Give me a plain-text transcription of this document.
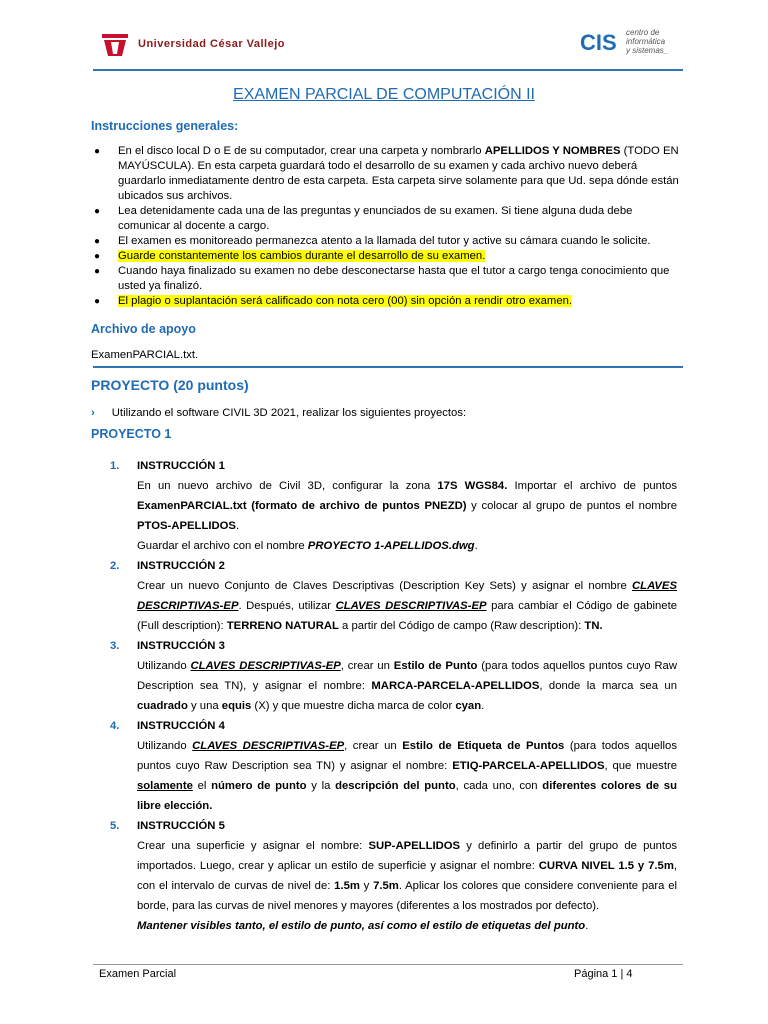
Universidad César Vallejo	CIS centro de
informática
y sistemas_
EXAMEN PARCIAL DE COMPUTACIÓN II
Instrucciones generales:
● En el disco local D o E de su computador, crear una carpeta y nombrarlo APELLIDOS Y NOMBRES (TODO EN MAYÚSCULA). En esta carpeta guardará todo el desarrollo de su examen y cada archivo nuevo deberá guardarlo inmediatamente dentro de esta carpeta. Esta carpeta sirve solamente para que Ud. sepa dónde están ubicados sus archivos.
● Lea detenidamente cada una de las preguntas y enunciados de su examen. Si tiene alguna duda debe comunicar al docente a cargo.
● El examen es monitoreado permanezca atento a la llamada del tutor y active su cámara cuando le solicite.
● Guarde constantemente los cambios durante el desarrollo de su examen.
● Cuando haya finalizado su examen no debe desconectarse hasta que el tutor a cargo tenga conocimiento que usted ya finalizó.
● El plagio o suplantación será calificado con nota cero (00) sin opción a rendir otro examen.
Archivo de apoyo
ExamenPARCIAL.txt.
PROYECTO (20 puntos)
› Utilizando el software CIVIL 3D 2021, realizar los siguientes proyectos:
PROYECTO 1
1. INSTRUCCIÓN 1

En un nuevo archivo de Civil 3D, configurar la zona 17S WGS84. Importar el archivo de puntos ExamenPARCIAL.txt (formato de archivo de puntos PNEZD) y colocar al grupo de puntos el nombre PTOS-APELLIDOS.

Guardar el archivo con el nombre PROYECTO 1-APELLIDOS.dwg.

2. INSTRUCCIÓN 2

Crear un nuevo Conjunto de Claves Descriptivas (Description Key Sets) y asignar el nombre CLAVES DESCRIPTIVAS-EP. Después, utilizar CLAVES DESCRIPTIVAS-EP para cambiar el Código de gabinete (Full description): TERRENO NATURAL a partir del Código de campo (Raw description): TN.

3. INSTRUCCIÓN 3

Utilizando CLAVES DESCRIPTIVAS-EP, crear un Estilo de Punto (para todos aquellos puntos cuyo Raw Description sea TN), y asignar el nombre: MARCA-PARCELA-APELLIDOS, donde la marca sea un cuadrado y una equis (X) y que muestre dicha marca de color cyan.

4. INSTRUCCIÓN 4

Utilizando CLAVES DESCRIPTIVAS-EP, crear un Estilo de Etiqueta de Puntos (para todos aquellos puntos cuyo Raw Description sea TN) y asignar el nombre: ETIQ-PARCELA-APELLIDOS, que muestre solamente el número de punto y la descripción del punto, cada uno, con diferentes colores de su libre elección.

5. INSTRUCCIÓN 5

Crear una superficie y asignar el nombre: SUP-APELLIDOS y definirlo a partir del grupo de puntos importados. Luego, crear y aplicar un estilo de superficie y asignar el nombre: CURVA NIVEL 1.5 y 7.5m, con el intervalo de curvas de nivel de: 1.5m y 7.5m. Aplicar los colores que considere conveniente para el borde, para las curvas de nivel menores y mayores (diferentes a los mostrados por defecto).

Mantener visibles tanto, el estilo de punto, así como el estilo de etiquetas del punto.

Examen Parcial	Página 1 | 4
